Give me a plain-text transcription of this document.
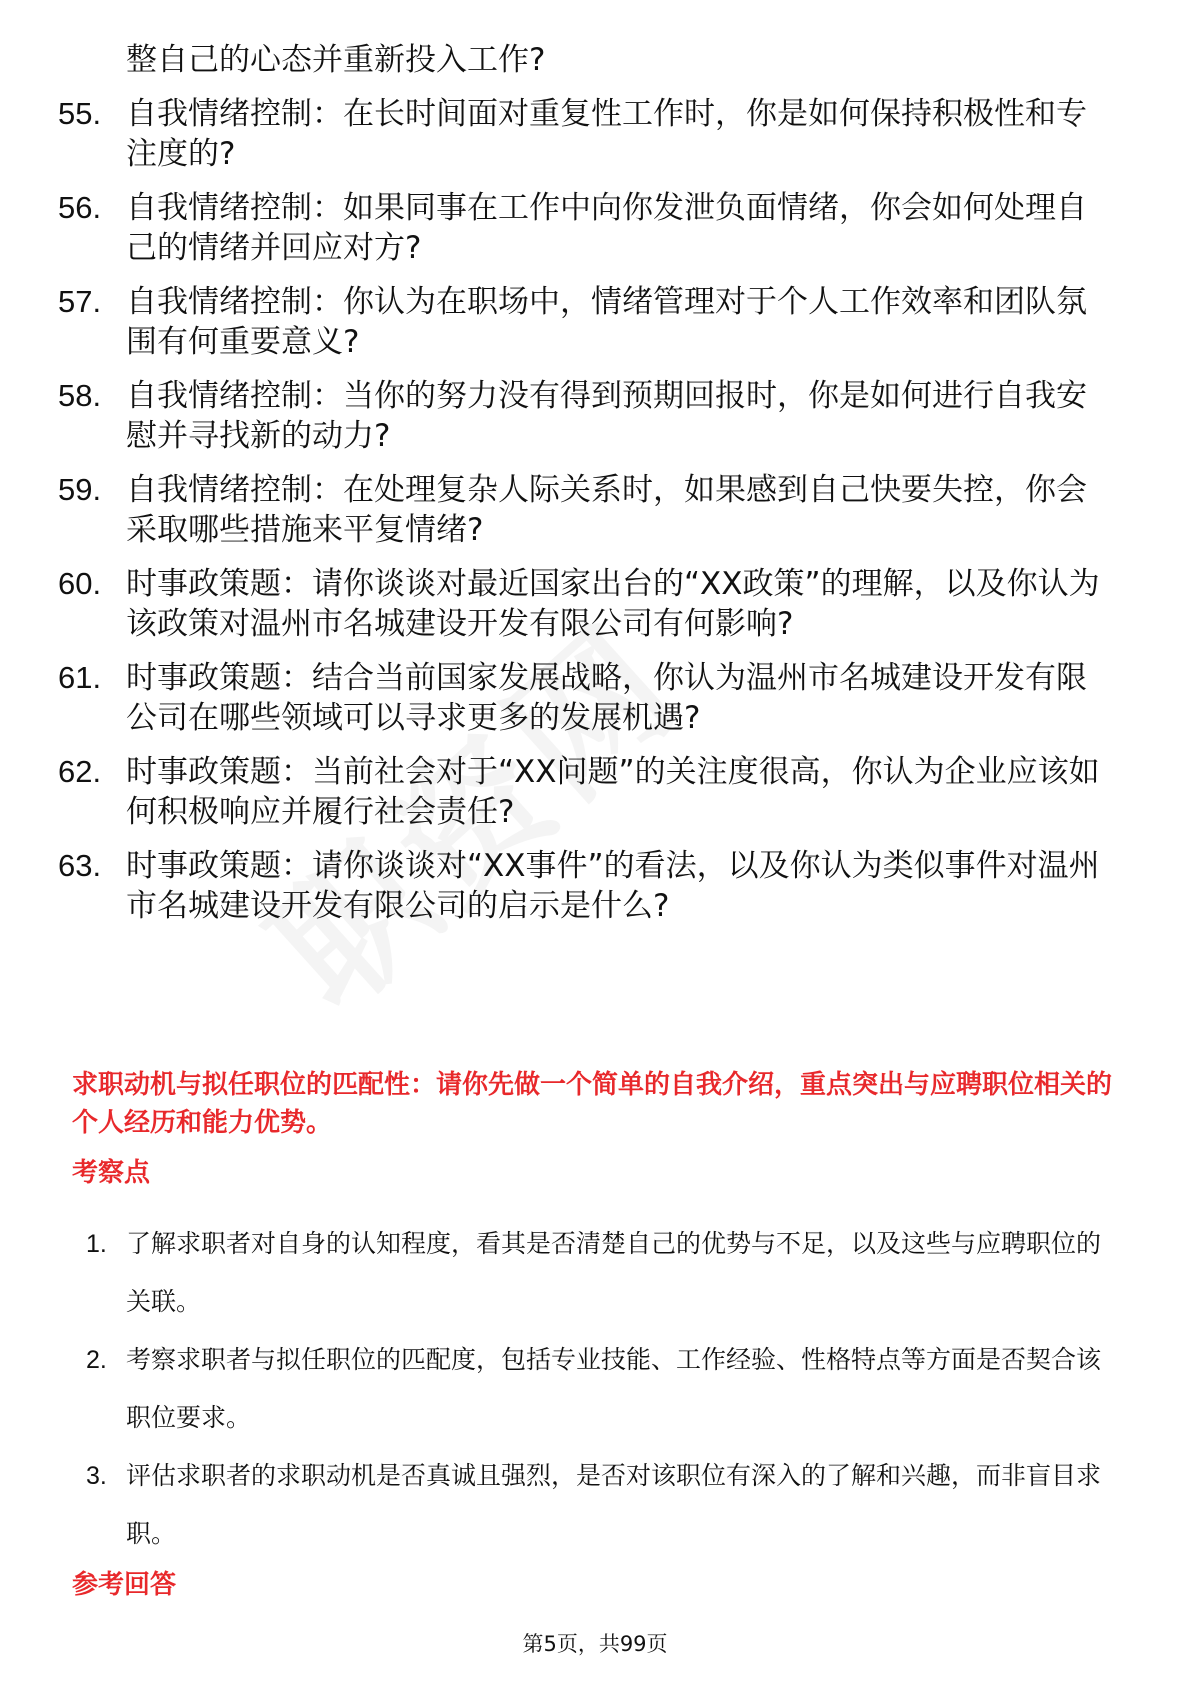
整自己的心态并重新投入工作?
55. 自我情绪控制：在长时间面对重复性工作时，你是如何保持积极性和专注度的?
56. 自我情绪控制：如果同事在工作中向你发泄负面情绪，你会如何处理自己的情绪并回应对方?
57. 自我情绪控制：你认为在职场中，情绪管理对于个人工作效率和团队氛围有何重要意义?
58. 自我情绪控制：当你的努力没有得到预期回报时，你是如何进行自我安慰并寻找新的动力?
59. 自我情绪控制：在处理复杂人际关系时，如果感到自己快要失控，你会采取哪些措施来平复情绪?
60. 时事政策题：请你谈谈对最近国家出台的“XX政策”的理解，以及你认为该政策对温州市名城建设开发有限公司有何影响?
61. 时事政策题：结合当前国家发展战略，你认为温州市名城建设开发有限公司在哪些领域可以寻求更多的发展机遇?
62. 时事政策题：当前社会对于“XX问题”的关注度很高，你认为企业应该如何积极响应并履行社会责任?
63. 时事政策题：请你谈谈对“XX事件”的看法，以及你认为类似事件对温州市名城建设开发有限公司的启示是什么?
求职动机与拟任职位的匹配性：请你先做一个简单的自我介绍，重点突出与应聘职位相关的个人经历和能力优势。
考察点
1. 了解求职者对自身的认知程度，看其是否清楚自己的优势与不足，以及这些与应聘职位的关联。
2. 考察求职者与拟任职位的匹配度，包括专业技能、工作经验、性格特点等方面是否契合该职位要求。
3. 评估求职者的求职动机是否真诚且强烈，是否对该职位有深入的了解和兴趣，而非盲目求职。
参考回答
第5页，共99页
